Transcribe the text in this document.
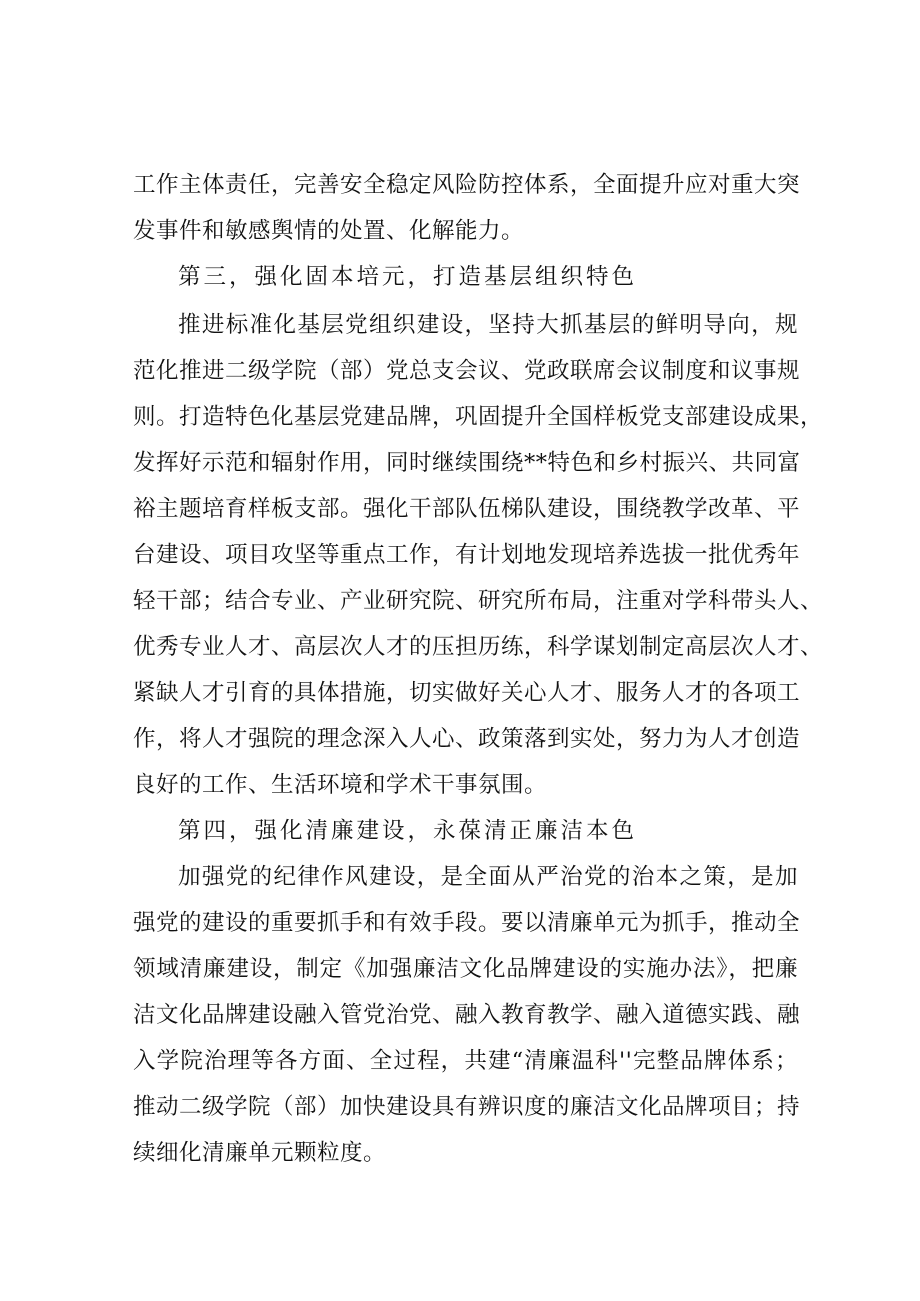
工作主体责任，完善安全稳定风险防控体系，全面提升应对重大突
发事件和敏感舆情的处置、化解能力。
第三，强化固本培元，打造基层组织特色
推进标准化基层党组织建设，坚持大抓基层的鲜明导向，规
范化推进二级学院（部）党总支会议、党政联席会议制度和议事规
则。打造特色化基层党建品牌，巩固提升全国样板党支部建设成果，
发挥好示范和辐射作用，同时继续围绕**特色和乡村振兴、共同富
裕主题培育样板支部。强化干部队伍梯队建设，围绕教学改革、平
台建设、项目攻坚等重点工作，有计划地发现培养选拔一批优秀年
轻干部；结合专业、产业研究院、研究所布局，注重对学科带头人、
优秀专业人才、高层次人才的压担历练，科学谋划制定高层次人才、
紧缺人才引育的具体措施，切实做好关心人才、服务人才的各项工
作，将人才强院的理念深入人心、政策落到实处，努力为人才创造
良好的工作、生活环境和学术干事氛围。
第四，强化清廉建设，永葆清正廉洁本色
加强党的纪律作风建设，是全面从严治党的治本之策，是加
强党的建设的重要抓手和有效手段。要以清廉单元为抓手，推动全
领域清廉建设，制定《加强廉洁文化品牌建设的实施办法》，把廉
洁文化品牌建设融入管党治党、融入教育教学、融入道德实践、融
入学院治理等各方面、全过程，共建“清廉温科''完整品牌体系；
推动二级学院（部）加快建设具有辨识度的廉洁文化品牌项目；持
续细化清廉单元颗粒度。
